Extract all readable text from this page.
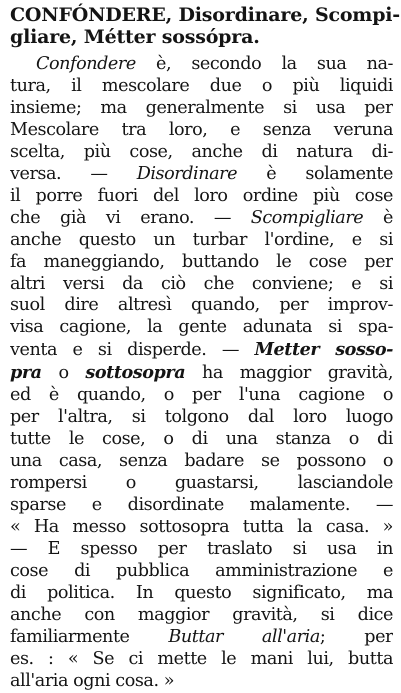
CONFÓNDERE, Disordinare, Scompi-
gliare, Métter sossópra.
Confondere è, secondo la sua na-
tura, il mescolare due o più liquidi
insieme; ma generalmente si usa per
Mescolare tra loro, e senza veruna
scelta, più cose, anche di natura di-
versa. — Disordinare è solamente
il porre fuori del loro ordine più cose
che già vi erano. — Scompigliare è
anche questo un turbar l'ordine, e si
fa maneggiando, buttando le cose per
altri versi da ciò che conviene; e si
suol dire altresì quando, per improv-
visa cagione, la gente adunata si spa-
venta e si disperde. — Metter sosso-
pra o sottosopra ha maggior gravità,
ed è quando, o per l'una cagione o
per l'altra, si tolgono dal loro luogo
tutte le cose, o di una stanza o di
una casa, senza badare se possono o
rompersi o guastarsi, lasciandole
sparse e disordinate malamente. —
« Ha messo sottosopra tutta la casa. »
— E spesso per traslato si usa in
cose di pubblica amministrazione e
di politica. In questo significato, ma
anche con maggior gravità, si dice
familiarmente Buttar all'aria; per
es. : « Se ci mette le mani lui, butta
all'aria ogni cosa. »
